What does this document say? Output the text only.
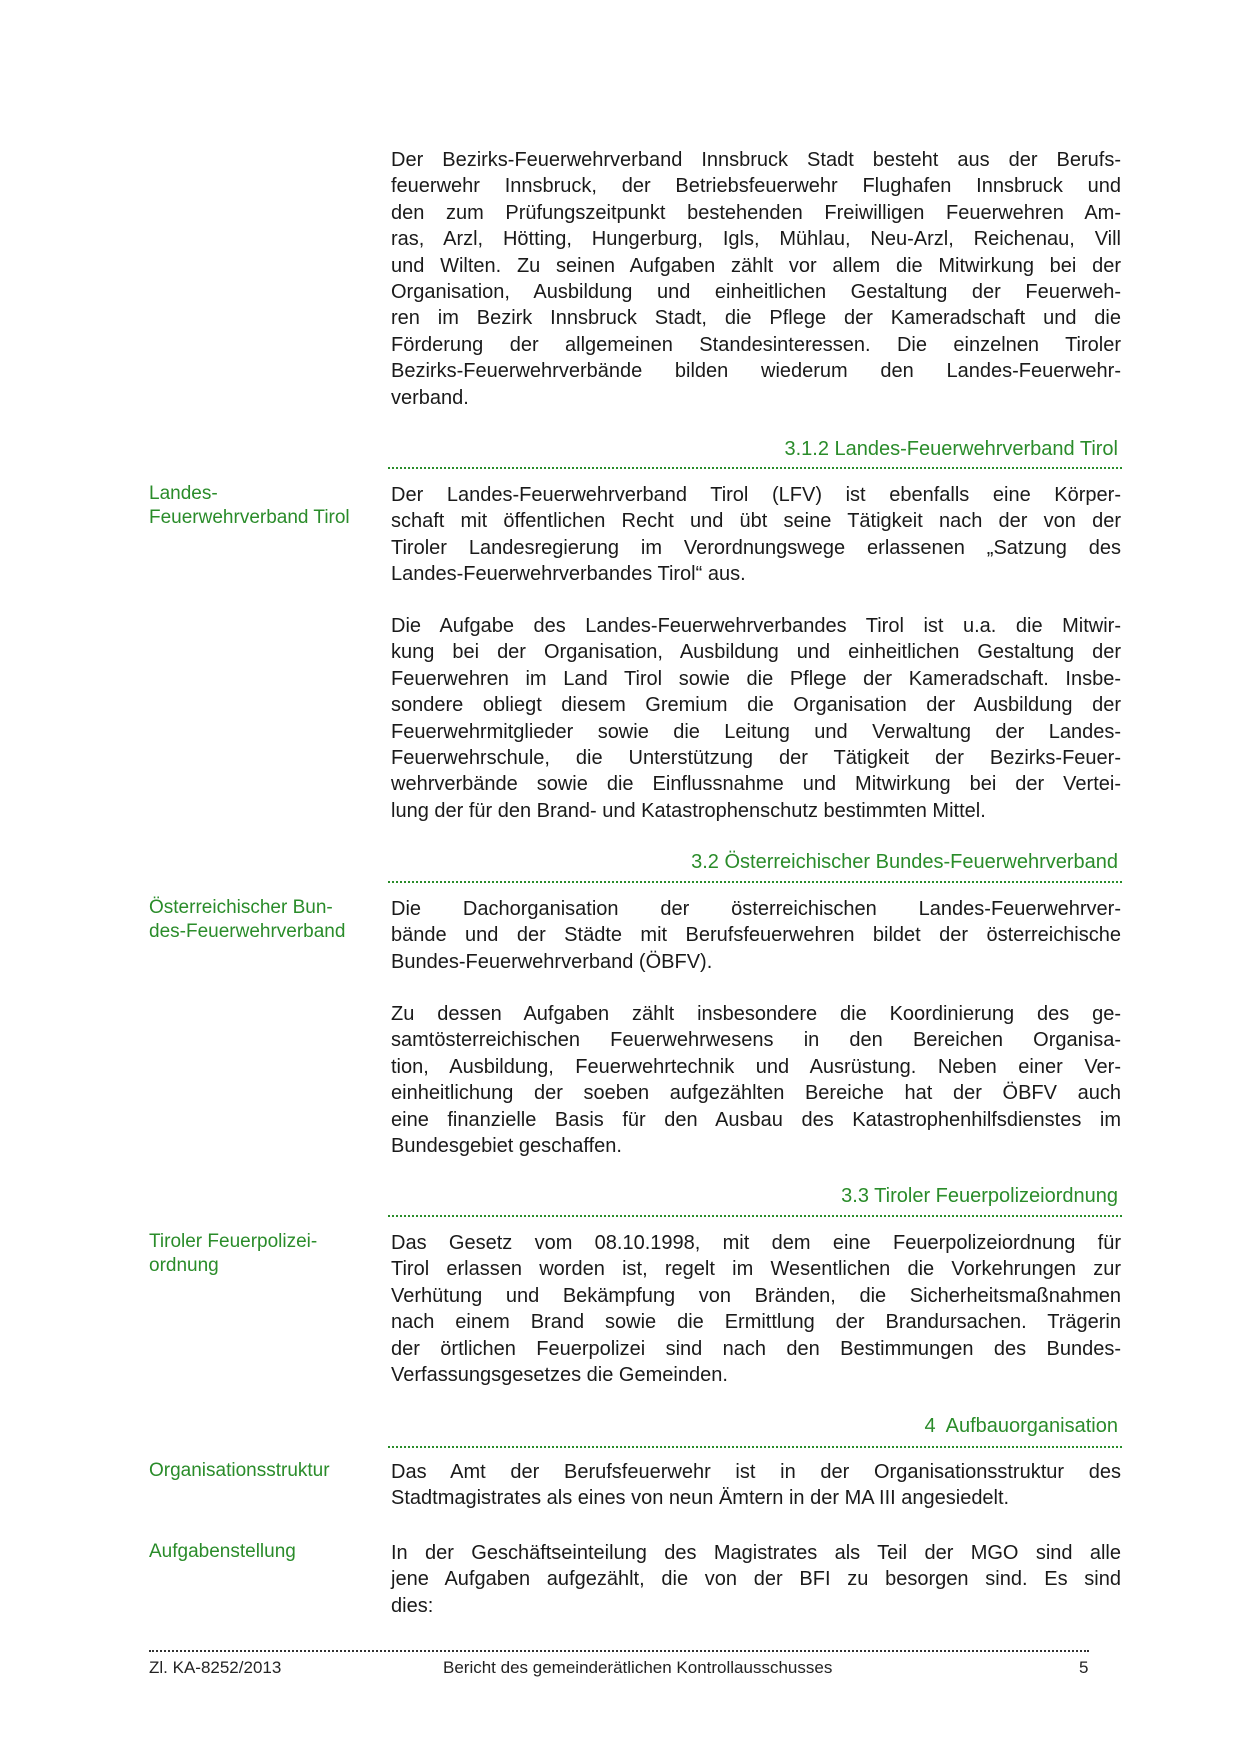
Der Bezirks-Feuerwehrverband Innsbruck Stadt besteht aus der Berufs-
feuerwehr Innsbruck, der Betriebsfeuerwehr Flughafen Innsbruck und
den zum Prüfungszeitpunkt bestehenden Freiwilligen Feuerwehren Am-
ras, Arzl, Hötting, Hungerburg, Igls, Mühlau, Neu-Arzl, Reichenau, Vill
und Wilten. Zu seinen Aufgaben zählt vor allem die Mitwirkung bei der
Organisation, Ausbildung und einheitlichen Gestaltung der Feuerweh-
ren im Bezirk Innsbruck Stadt, die Pflege der Kameradschaft und die
Förderung der allgemeinen Standesinteressen. Die einzelnen Tiroler
Bezirks-Feuerwehrverbände bilden wiederum den Landes-Feuerwehr-
verband.
3.1.2 Landes-Feuerwehrverband Tirol
Landes-
Feuerwehrverband Tirol
Der Landes-Feuerwehrverband Tirol (LFV) ist ebenfalls eine Körper-
schaft mit öffentlichen Recht und übt seine Tätigkeit nach der von der
Tiroler Landesregierung im Verordnungswege erlassenen „Satzung des
Landes-Feuerwehrverbandes Tirol“ aus.
Die Aufgabe des Landes-Feuerwehrverbandes Tirol ist u.a. die Mitwir-
kung bei der Organisation, Ausbildung und einheitlichen Gestaltung der
Feuerwehren im Land Tirol sowie die Pflege der Kameradschaft. Insbe-
sondere obliegt diesem Gremium die Organisation der Ausbildung der
Feuerwehrmitglieder sowie die Leitung und Verwaltung der Landes-
Feuerwehrschule, die Unterstützung der Tätigkeit der Bezirks-Feuer-
wehrverbände sowie die Einflussnahme und Mitwirkung bei der Vertei-
lung der für den Brand- und Katastrophenschutz bestimmten Mittel.
3.2 Österreichischer Bundes-Feuerwehrverband
Österreichischer Bun-
des-Feuerwehrverband
Die Dachorganisation der österreichischen Landes-Feuerwehrver-
bände und der Städte mit Berufsfeuerwehren bildet der österreichische
Bundes-Feuerwehrverband (ÖBFV).
Zu dessen Aufgaben zählt insbesondere die Koordinierung des ge-
samtösterreichischen Feuerwehrwesens in den Bereichen Organisa-
tion, Ausbildung, Feuerwehrtechnik und Ausrüstung. Neben einer Ver-
einheitlichung der soeben aufgezählten Bereiche hat der ÖBFV auch
eine finanzielle Basis für den Ausbau des Katastrophenhilfsdienstes im
Bundesgebiet geschaffen.
3.3 Tiroler Feuerpolizeiordnung
Tiroler Feuerpolizei-
ordnung
Das Gesetz vom 08.10.1998, mit dem eine Feuerpolizeiordnung für
Tirol erlassen worden ist, regelt im Wesentlichen die Vorkehrungen zur
Verhütung und Bekämpfung von Bränden, die Sicherheitsmaßnahmen
nach einem Brand sowie die Ermittlung der Brandursachen. Trägerin
der örtlichen Feuerpolizei sind nach den Bestimmungen des Bundes-
Verfassungsgesetzes die Gemeinden.
4  Aufbauorganisation
Organisationsstruktur	Das Amt der Berufsfeuerwehr ist in der Organisationsstruktur des
Stadtmagistrates als eines von neun Ämtern in der MA III angesiedelt.
Aufgabenstellung	In der Geschäftseinteilung des Magistrates als Teil der MGO sind alle
jene Aufgaben aufgezählt, die von der BFI zu besorgen sind. Es sind
dies:
Zl. KA-8252/2013	Bericht des gemeinderätlichen Kontrollausschusses	5
